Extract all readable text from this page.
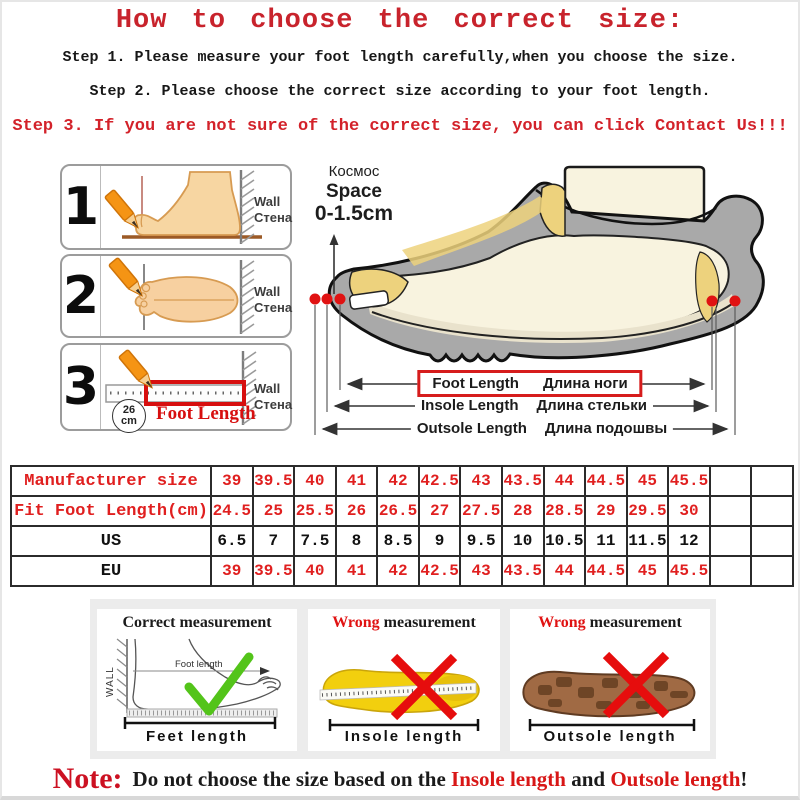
How to choose the correct size:
Step 1. Please measure your foot length carefully,when you choose the size.
Step 2. Please choose the correct size according to your foot length.
Step 3. If you are not sure of the correct size, you can click Contact Us!!!
1	Wall
Стена
2	Wall
Стена
3 26
cm Foot Length
Wall
Стена
Космос
Space
0-1.5cm
Foot Length Длина ноги
Insole Length Длина стельки
Outsole Length Длина подошвы
Manufacturer size	39	39.5	40	41	42	42.5	43	43.5	44	44.5	45	45.5		
Fit Foot Length(cm)	24.5	25	25.5	26	26.5	27	27.5	28	28.5	29	29.5	30		
US	6.5	7	7.5	8	8.5	9	9.5	10	10.5	11	11.5	12		
EU	39	39.5	40	41	42	42.5	43	43.5	44	44.5	45	45.5		
Correct measurement
WALL
Foot length
Feet length
Wrong measurement
Insole length
Wrong measurement
Outsole length
Note: Do not choose the size based on the Insole length and Outsole length!
